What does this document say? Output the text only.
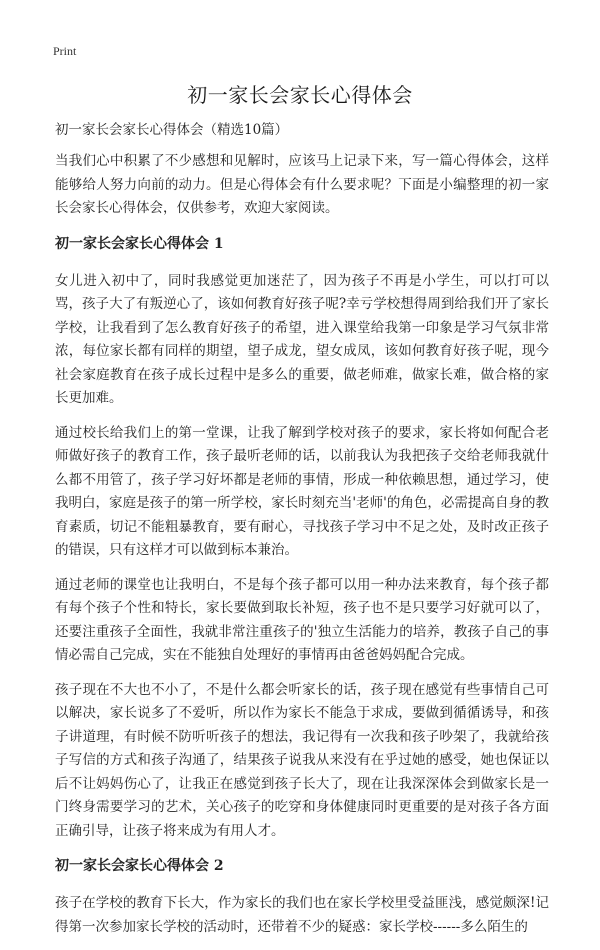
Print
初一家长会家长心得体会
初一家长会家长心得体会（精选10篇）
当我们心中积累了不少感想和见解时，应该马上记录下来，写一篇心得体会，这样能够给人努力向前的动力。但是心得体会有什么要求呢？下面是小编整理的初一家长会家长心得体会，仅供参考，欢迎大家阅读。
初一家长会家长心得体会 1
女儿进入初中了，同时我感觉更加迷茫了，因为孩子不再是小学生，可以打可以骂，孩子大了有叛逆心了，该如何教育好孩子呢?幸亏学校想得周到给我们开了家长学校，让我看到了怎么教育好孩子的希望，进入课堂给我第一印象是学习气氛非常浓，每位家长都有同样的期望，望子成龙，望女成凤，该如何教育好孩子呢，现今社会家庭教育在孩子成长过程中是多么的重要，做老师难，做家长难，做合格的家长更加难。
通过校长给我们上的第一堂课，让我了解到学校对孩子的要求，家长将如何配合老师做好孩子的教育工作，孩子最听老师的话，以前我认为我把孩子交给老师我就什么都不用管了，孩子学习好坏都是老师的事情，形成一种依赖思想，通过学习，使我明白，家庭是孩子的第一所学校，家长时刻充当'老师'的角色，必需提高自身的教育素质，切记不能粗暴教育，要有耐心，寻找孩子学习中不足之处，及时改正孩子的错误，只有这样才可以做到标本兼治。
通过老师的课堂也让我明白，不是每个孩子都可以用一种办法来教育，每个孩子都有每个孩子个性和特长，家长要做到取长补短，孩子也不是只要学习好就可以了，还要注重孩子全面性，我就非常注重孩子的'独立生活能力的培养，教孩子自己的事情必需自己完成，实在不能独自处理好的事情再由爸爸妈妈配合完成。
孩子现在不大也不小了，不是什么都会听家长的话，孩子现在感觉有些事情自己可以解决，家长说多了不爱听，所以作为家长不能急于求成，要做到循循诱导，和孩子讲道理，有时候不防听听孩子的想法，我记得有一次我和孩子吵架了，我就给孩子写信的方式和孩子沟通了，结果孩子说我从来没有在乎过她的感受，她也保证以后不让妈妈伤心了，让我正在感觉到孩子长大了，现在让我深深体会到做家长是一门终身需要学习的艺术，关心孩子的吃穿和身体健康同时更重要的是对孩子各方面正确引导，让孩子将来成为有用人才。
初一家长会家长心得体会 2
孩子在学校的教育下长大，作为家长的我们也在家长学校里受益匪浅，感觉颇深!记得第一次参加家长学校的活动时，还带着不少的疑惑：家长学校------多么陌生的
